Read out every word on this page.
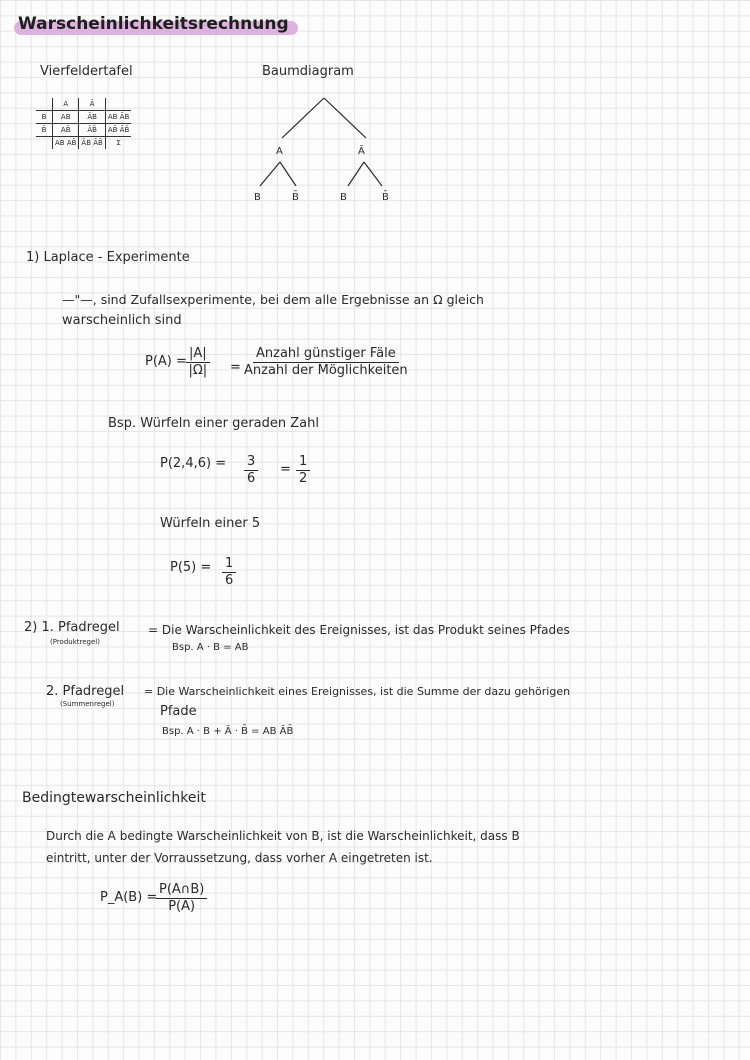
Warscheinlichkeitsrechnung
Vierfeldertafel
	A	Ā	
B	AB	ĀB	AB ĀB
B̄	AB̄	ĀB̄	AB̄ ĀB̄
	AB AB̄	ĀB ĀB̄	Σ
Baumdiagram
A	Ā
B	B̄	B	B̄
1) Laplace - Experimente
—"—, sind Zufallsexperimente, bei dem alle Ergebnisse an Ω gleich
warscheinlich sind
$P(A) = \frac{|A|}{|\Omega|}$ =
Anzahl günstiger Fäle
Anzahl der Möglichkeiten
Bsp. Würfeln einer geraden Zahl
$P(2,4,6) = \frac{3}{6} = \frac{1}{2}$
Würfeln einer 5
$P(5) = \frac{1}{6}$
2) 1. Pfadregel
(Produktregel)
= Die Warscheinlichkeit des Ereignisses, ist das Produkt seines Pfades
Bsp. A · B = AB
2. Pfadregel
(Summenregel)
= Die Warscheinlichkeit eines Ereignisses, ist die Summe der dazu gehörigen
Pfade
Bsp. A · B + Ā · B̄ = AB ĀB̄
Bedingtewarscheinlichkeit
Durch die A bedingte Warscheinlichkeit von B, ist die Warscheinlichkeit, dass B
eintritt, unter der Vorraussetzung, dass vorher A eingetreten ist.
P_A(B) =
$\frac{P(A\cap B)}{P(A)}$
